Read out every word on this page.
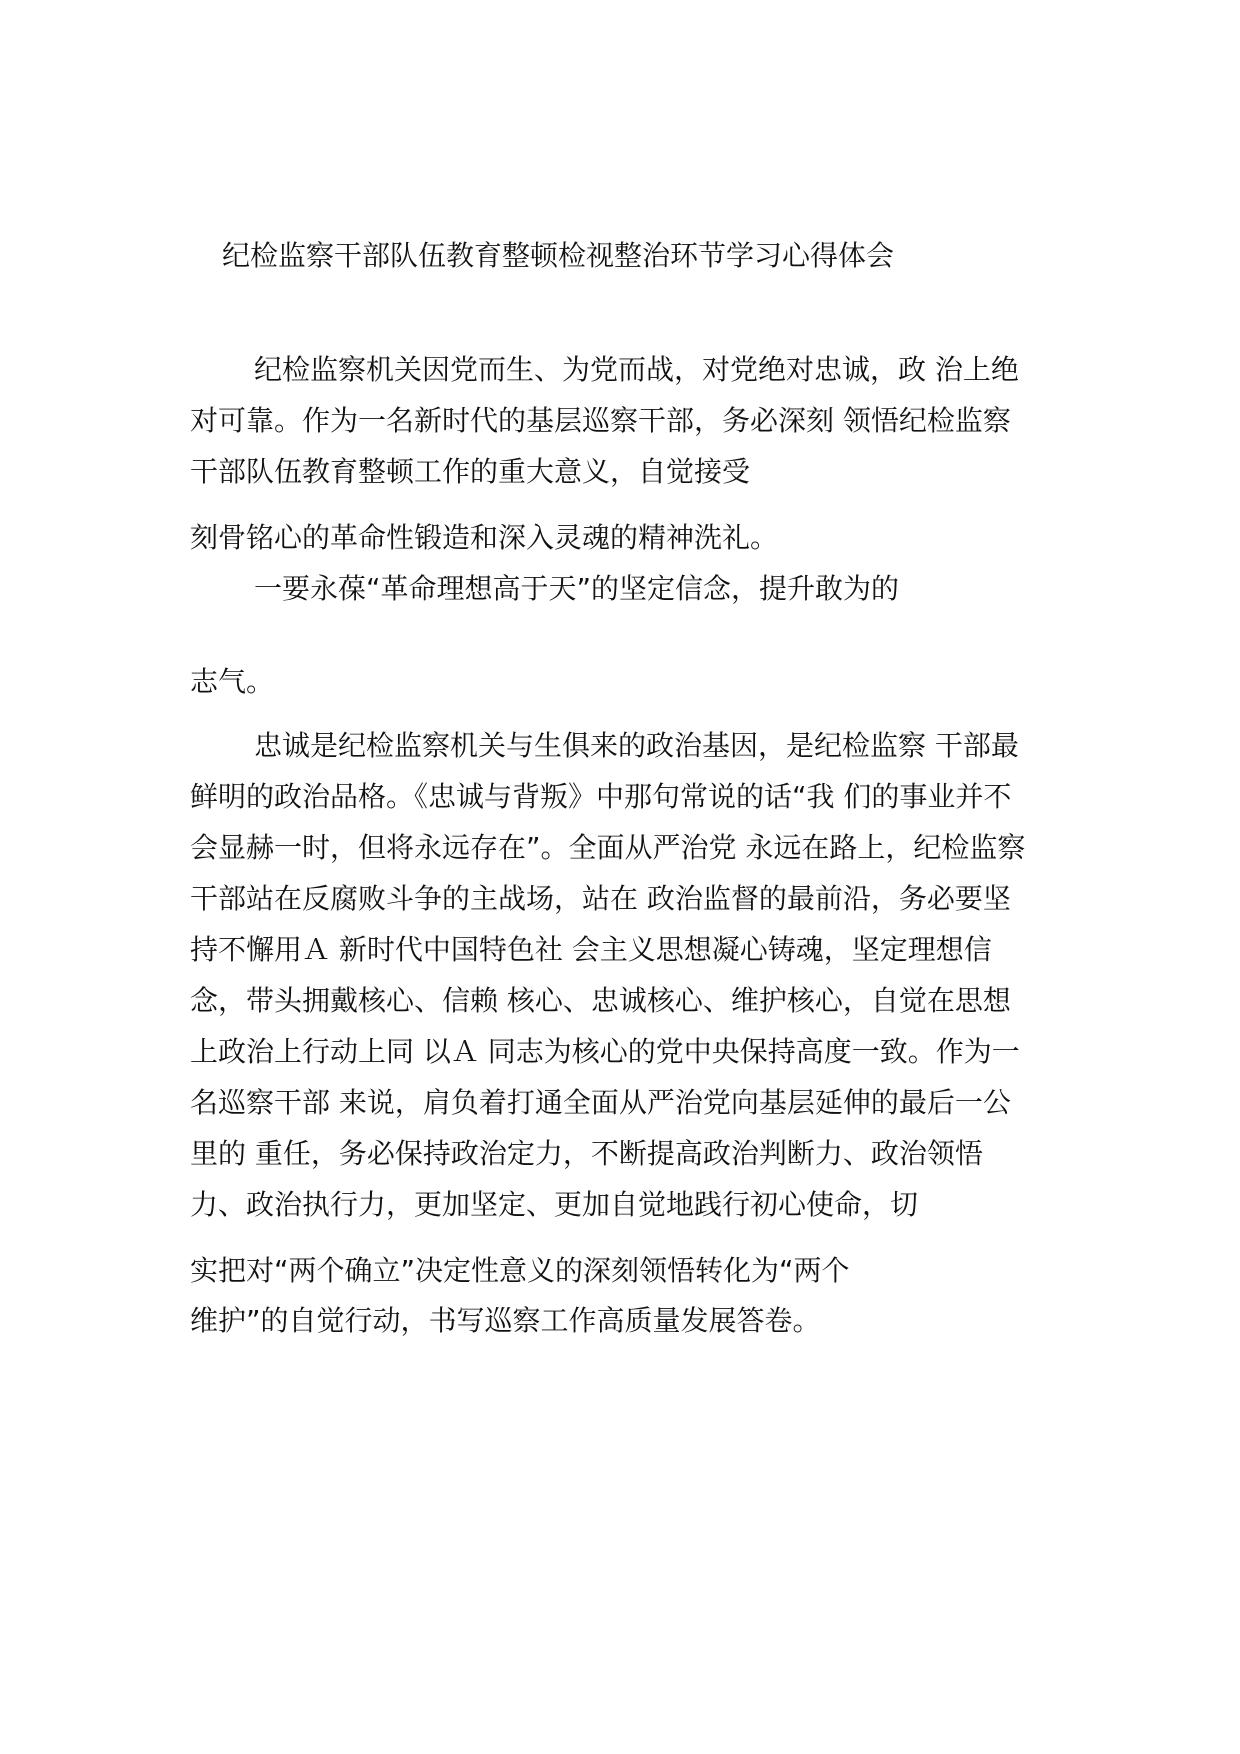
纪检监察干部队伍教育整顿检视整治环节学习心得体会
纪检监察机关因党而生、为党而战，对党绝对忠诚，政 治上绝
对可靠。作为一名新时代的基层巡察干部，务必深刻 领悟纪检监察
干部队伍教育整顿工作的重大意义，自觉接受
刻骨铭心的革命性锻造和深入灵魂的精神洗礼。
一要永葆“革命理想高于天”的坚定信念，提升敢为的
志气。
忠诚是纪检监察机关与生俱来的政治基因，是纪检监察 干部最
鲜明的政治品格。《忠诚与背叛》中那句常说的话“我 们的事业并不
会显赫一时，但将永远存在”。全面从严治党 永远在路上，纪检监察
干部站在反腐败斗争的主战场，站在 政治监督的最前沿，务必要坚
持不懈用Ａ 新时代中国特色社 会主义思想凝心铸魂，坚定理想信
念，带头拥戴核心、信赖 核心、忠诚核心、维护核心，自觉在思想
上政治上行动上同 以Ａ 同志为核心的党中央保持高度一致。作为一
名巡察干部 来说，肩负着打通全面从严治党向基层延伸的最后一公
里的 重任，务必保持政治定力，不断提高政治判断力、政治领悟
力、政治执行力，更加坚定、更加自觉地践行初心使命，切
实把对“两个确立”决定性意义的深刻领悟转化为“两个
维护”的自觉行动，书写巡察工作高质量发展答卷。
